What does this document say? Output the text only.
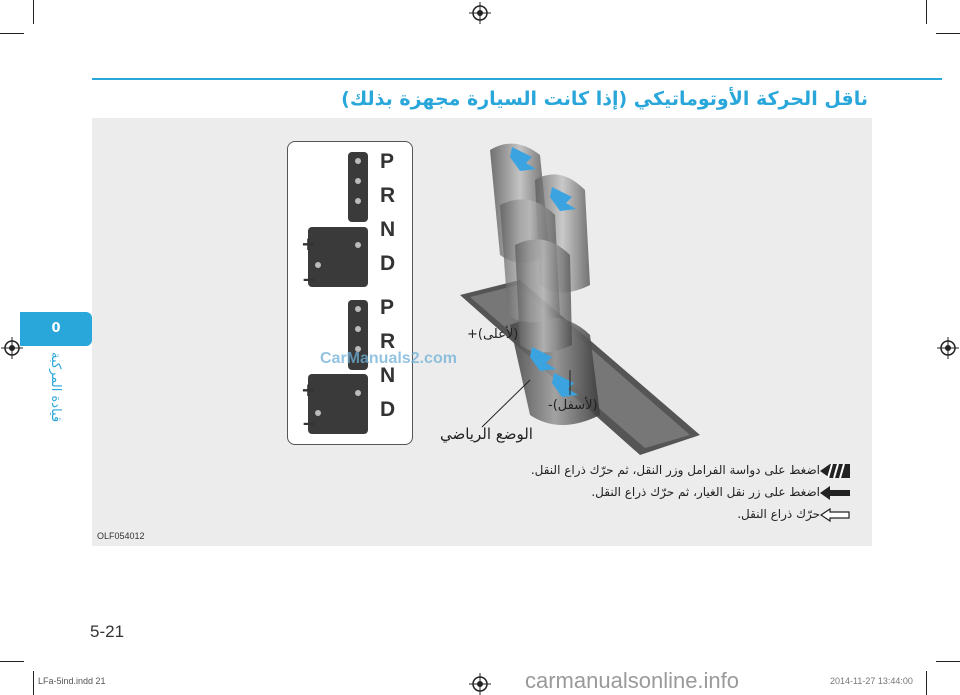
ناقل الحركة الأوتوماتيكي (إذا كانت السيارة مجهزة بذلك)
0
قيادة المركبة
P
R
N
D
+
–
P
R
N
D
+
–
(لأعلى)+
(لأسفل)-
الوضع الرياضي
اضغط على دواسة الفرامل وزر النقل، ثم حرّك ذراع النقل.
اضغط على زر نقل الغيار، ثم حرّك ذراع النقل.
حرّك ذراع النقل.
OLF054012
CarManuals2.com
5-21
LFa-5ind.indd 21	2014-11-27 13:44:00
carmanualsonline.info
